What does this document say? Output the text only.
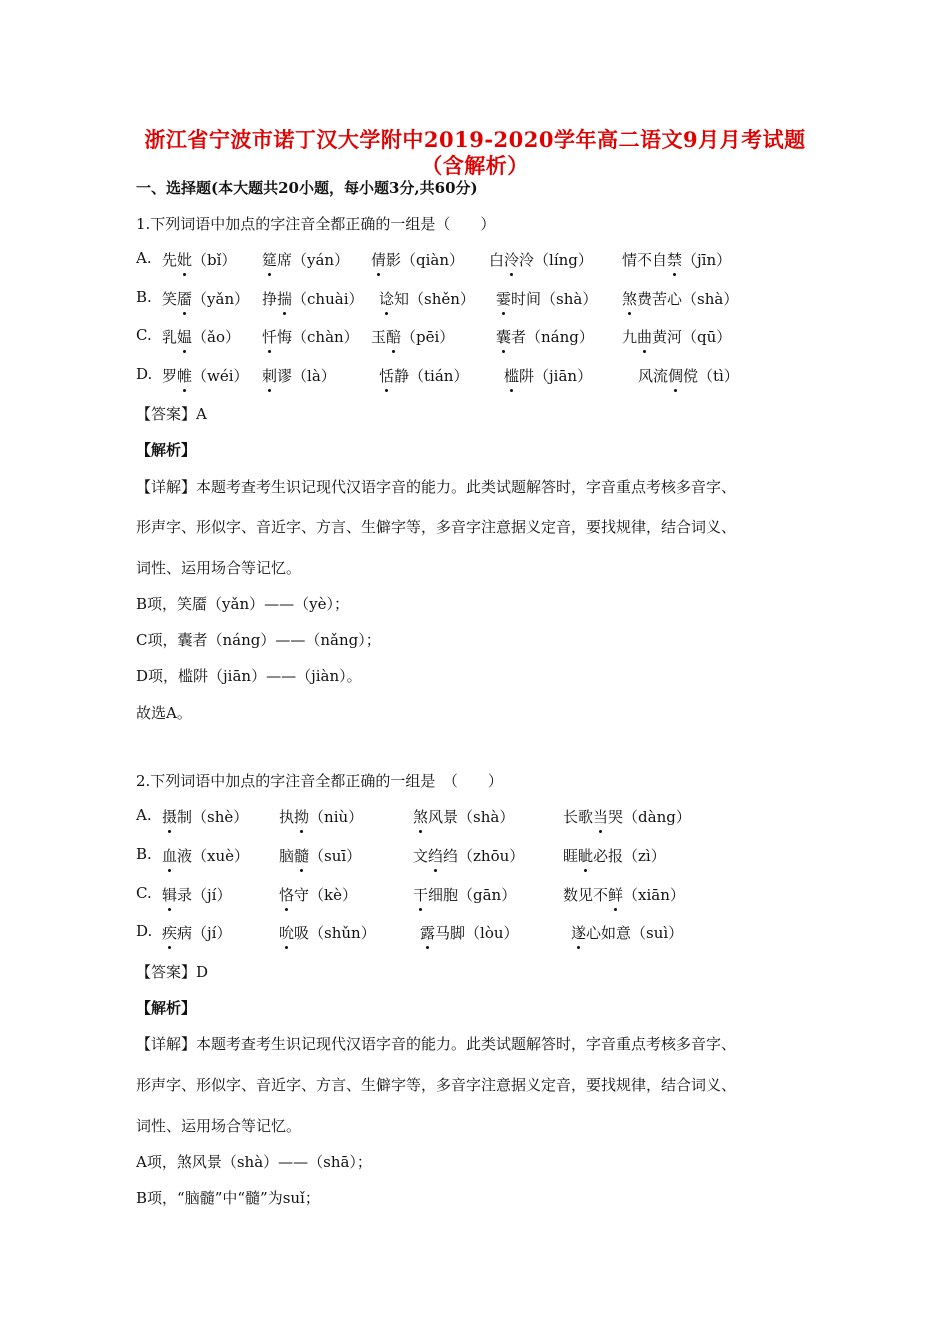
浙江省宁波市诺丁汉大学附中2019-2020学年高二语文9月月考试题
（含解析）
一、选择题(本大题共20小题，每小题3分,共60分)
1.下列词语中加点的字注音全都正确的一组是（　　）
A. 先妣（bǐ） 筵席（yán） 倩影（qiàn） 白泠泠（líng） 情不自禁（jīn）
B. 笑靥（yǎn） 挣揣（chuài） 谂知（shěn） 霎时间（shà） 煞费苦心（shà）
C. 乳媪（ǎo） 忏悔（chàn） 玉醅（pēi）	囊者（náng） 九曲黄河（qū）
D. 罗帷（wéi） 刺谬（là）	恬静（tián） 槛阱（jiān）	风流倜傥（tì）
【答案】A
【解析】
【详解】本题考查考生识记现代汉语字音的能力。此类试题解答时，字音重点考核多音字、
形声字、形似字、音近字、方言、生僻字等，多音字注意据义定音，要找规律，结合词义、
词性、运用场合等记忆。
B项，笑靥（yǎn）——（yè）；
C项，囊者（náng）——（nǎng）；
D项，槛阱（jiān）——（jiàn）。
故选A。
2.下列词语中加点的字注音全都正确的一组是　（　　）
A. 摄制（shè） 执拗（niù）	煞风景（shà）	长歌当哭（dàng）
B. 血液（xuè） 脑髓（suī）	文绉绉（zhōu）	睚眦必报（zì）
C. 辑录（jí）	恪守（kè）	干细胞（gān）	数见不鲜（xiān）
D. 疾病（jí）	吮吸（shǔn）	露马脚（lòu）	遂心如意（suì）
【答案】D
【解析】
【详解】本题考查考生识记现代汉语字音的能力。此类试题解答时，字音重点考核多音字、
形声字、形似字、音近字、方言、生僻字等，多音字注意据义定音，要找规律，结合词义、
词性、运用场合等记忆。
A项，煞风景（shà）——（shā）；
B项，“脑髓”中“髓”为suǐ；
